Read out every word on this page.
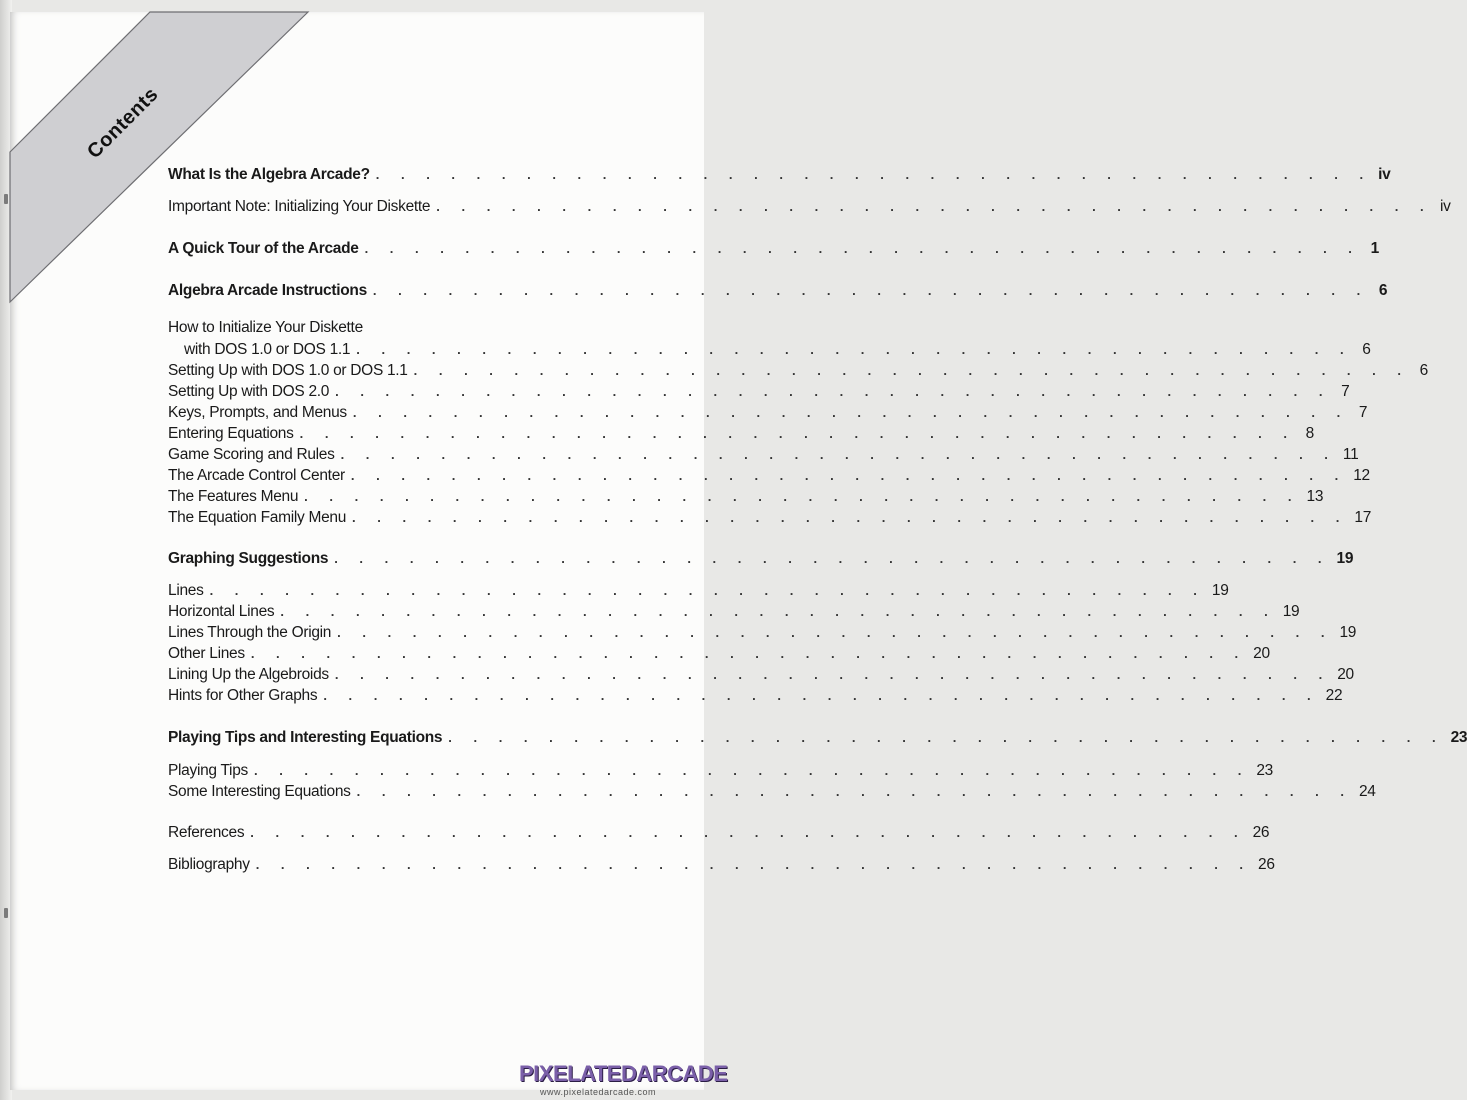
Contents
What Is the Algebra Arcade? . . . . . . . . . . . . . . . . . . . . . . . . . . . . . . . . . . . . . . . . iv
Important Note: Initializing Your Diskette . . . . . . . . . . . . . . . . . . . . . . . . . . . . . . . . . . . . . . . . iv
A Quick Tour of the Arcade . . . . . . . . . . . . . . . . . . . . . . . . . . . . . . . . . . . . . . . . 1
Algebra Arcade Instructions . . . . . . . . . . . . . . . . . . . . . . . . . . . . . . . . . . . . . . . . 6
How to Initialize Your Diskette
with DOS 1.0 or DOS 1.1 . . . . . . . . . . . . . . . . . . . . . . . . . . . . . . . . . . . . . . . . 6
Setting Up with DOS 1.0 or DOS 1.1 . . . . . . . . . . . . . . . . . . . . . . . . . . . . . . . . . . . . . . . . 6
Setting Up with DOS 2.0 . . . . . . . . . . . . . . . . . . . . . . . . . . . . . . . . . . . . . . . . 7
Keys, Prompts, and Menus . . . . . . . . . . . . . . . . . . . . . . . . . . . . . . . . . . . . . . . . 7
Entering Equations . . . . . . . . . . . . . . . . . . . . . . . . . . . . . . . . . . . . . . . . 8
Game Scoring and Rules . . . . . . . . . . . . . . . . . . . . . . . . . . . . . . . . . . . . . . . . 11
The Arcade Control Center . . . . . . . . . . . . . . . . . . . . . . . . . . . . . . . . . . . . . . . . 12
The Features Menu . . . . . . . . . . . . . . . . . . . . . . . . . . . . . . . . . . . . . . . . 13
The Equation Family Menu . . . . . . . . . . . . . . . . . . . . . . . . . . . . . . . . . . . . . . . . 17
Graphing Suggestions . . . . . . . . . . . . . . . . . . . . . . . . . . . . . . . . . . . . . . . . 19
Lines . . . . . . . . . . . . . . . . . . . . . . . . . . . . . . . . . . . . . . . . 19
Horizontal Lines . . . . . . . . . . . . . . . . . . . . . . . . . . . . . . . . . . . . . . . . 19
Lines Through the Origin . . . . . . . . . . . . . . . . . . . . . . . . . . . . . . . . . . . . . . . . 19
Other Lines . . . . . . . . . . . . . . . . . . . . . . . . . . . . . . . . . . . . . . . . 20
Lining Up the Algebroids . . . . . . . . . . . . . . . . . . . . . . . . . . . . . . . . . . . . . . . . 20
Hints for Other Graphs . . . . . . . . . . . . . . . . . . . . . . . . . . . . . . . . . . . . . . . . 22
Playing Tips and Interesting Equations . . . . . . . . . . . . . . . . . . . . . . . . . . . . . . . . . . . . . . . . 23
Playing Tips . . . . . . . . . . . . . . . . . . . . . . . . . . . . . . . . . . . . . . . . 23
Some Interesting Equations . . . . . . . . . . . . . . . . . . . . . . . . . . . . . . . . . . . . . . . . 24
References . . . . . . . . . . . . . . . . . . . . . . . . . . . . . . . . . . . . . . . . 26
Bibliography . . . . . . . . . . . . . . . . . . . . . . . . . . . . . . . . . . . . . . . . 26
PIXELATEDARCADE
www.pixelatedarcade.com
